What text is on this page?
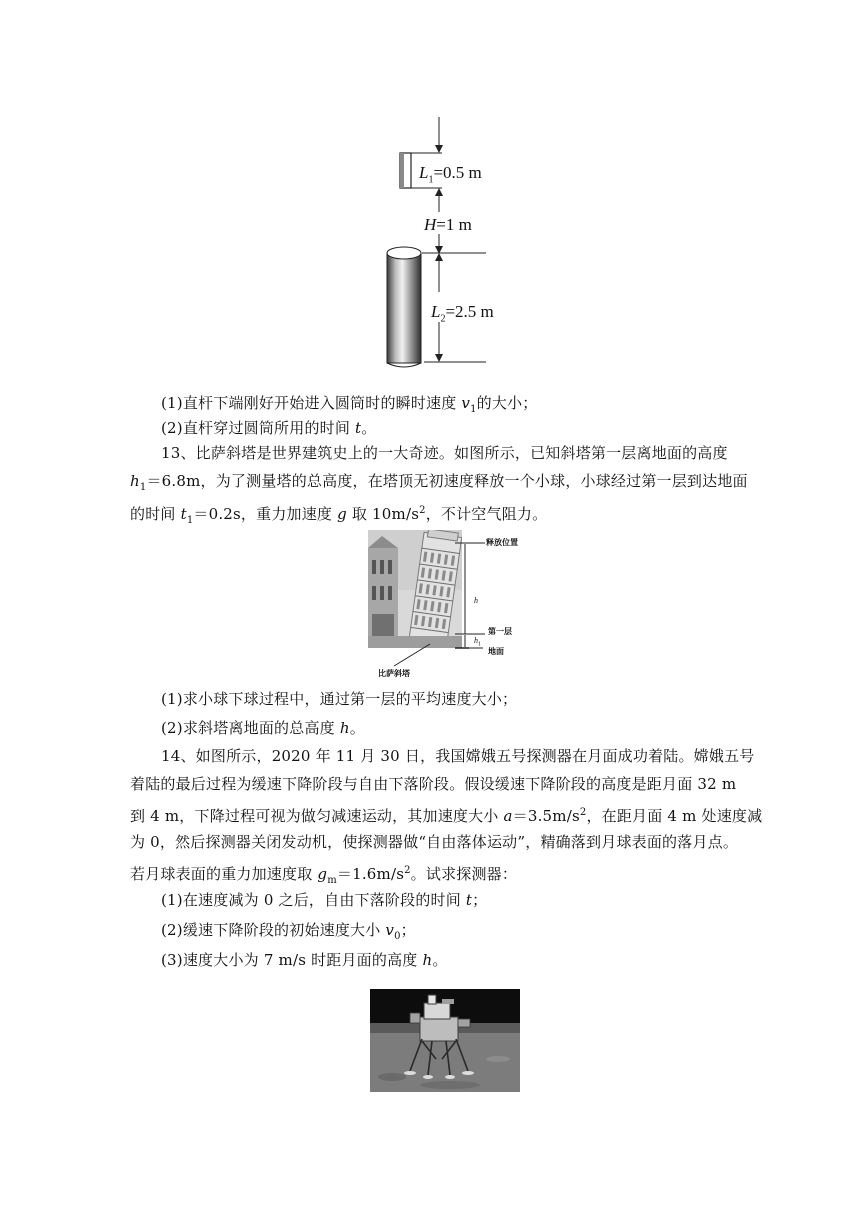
$L_1=0.5$ m
H=1 m
$L_2=2.5$ m
(1)直杆下端刚好开始进入圆筒时的瞬时速度 $v_1$的大小；
(2)直杆穿过圆筒所用的时间 t。
13、比萨斜塔是世界建筑史上的一大奇迹。如图所示，已知斜塔第一层离地面的高度
$h_1=6.8m$，为了测量塔的总高度，在塔顶无初速度释放一个小球，小球经过第一层到达地面
的时间 $t_1=0.2s$，重力加速度 g 取 $10m/s^2$，不计空气阻力。
释放位置
h
第一层
$h_1$
地面
比萨斜塔
(1)求小球下球过程中，通过第一层的平均速度大小；
(2)求斜塔离地面的总高度 h。
14、如图所示，2020 年 11 月 30 日，我国嫦娥五号探测器在月面成功着陆。嫦娥五号
着陆的最后过程为缓速下降阶段与自由下落阶段。假设缓速下降阶段的高度是距月面 32 m
到 4 m，下降过程可视为做匀减速运动，其加速度大小 $a=3.5m/s^2$，在距月面 4 m 处速度减
为 0，然后探测器关闭发动机，使探测器做“自由落体运动”，精确落到月球表面的落月点。
若月球表面的重力加速度取 $g_m=1.6m/s^2$。试求探测器：
(1)在速度减为 0 之后，自由下落阶段的时间 t；
(2)缓速下降阶段的初始速度大小 $v_0$；
(3)速度大小为 7 m/s 时距月面的高度 h。
